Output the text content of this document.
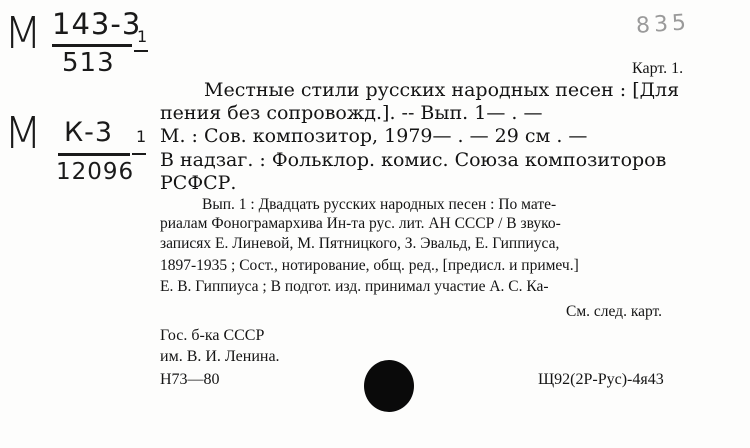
М 143-3
513
1
М К-3
12096
1
835
Карт. 1.
Местные стили русских народных песен : [Для
пения без сопровожд.]. -- Вып. 1— . —
М. : Сов. композитор, 1979— . — 29 см . —
В надзаг. : Фольклор. комис. Союза композиторов
РСФСР.
Вып. 1 : Двадцать русских народных песен : По мате-
риалам Фонограмархива Ин-та рус. лит. АН СССР / В звуко-
записях Е. Линевой, М. Пятницкого, З. Эвальд, Е. Гиппиуса,
1897-1935 ; Сост., нотирование, общ. ред., [предисл. и примеч.]
Е. В. Гиппиуса ; В подгот. изд. принимал участие А. С. Ка-
См. след. карт.
Гос. б-ка СССР
им. В. И. Ленина.
Н73—80	Щ92(2Р-Рус)-4я43
